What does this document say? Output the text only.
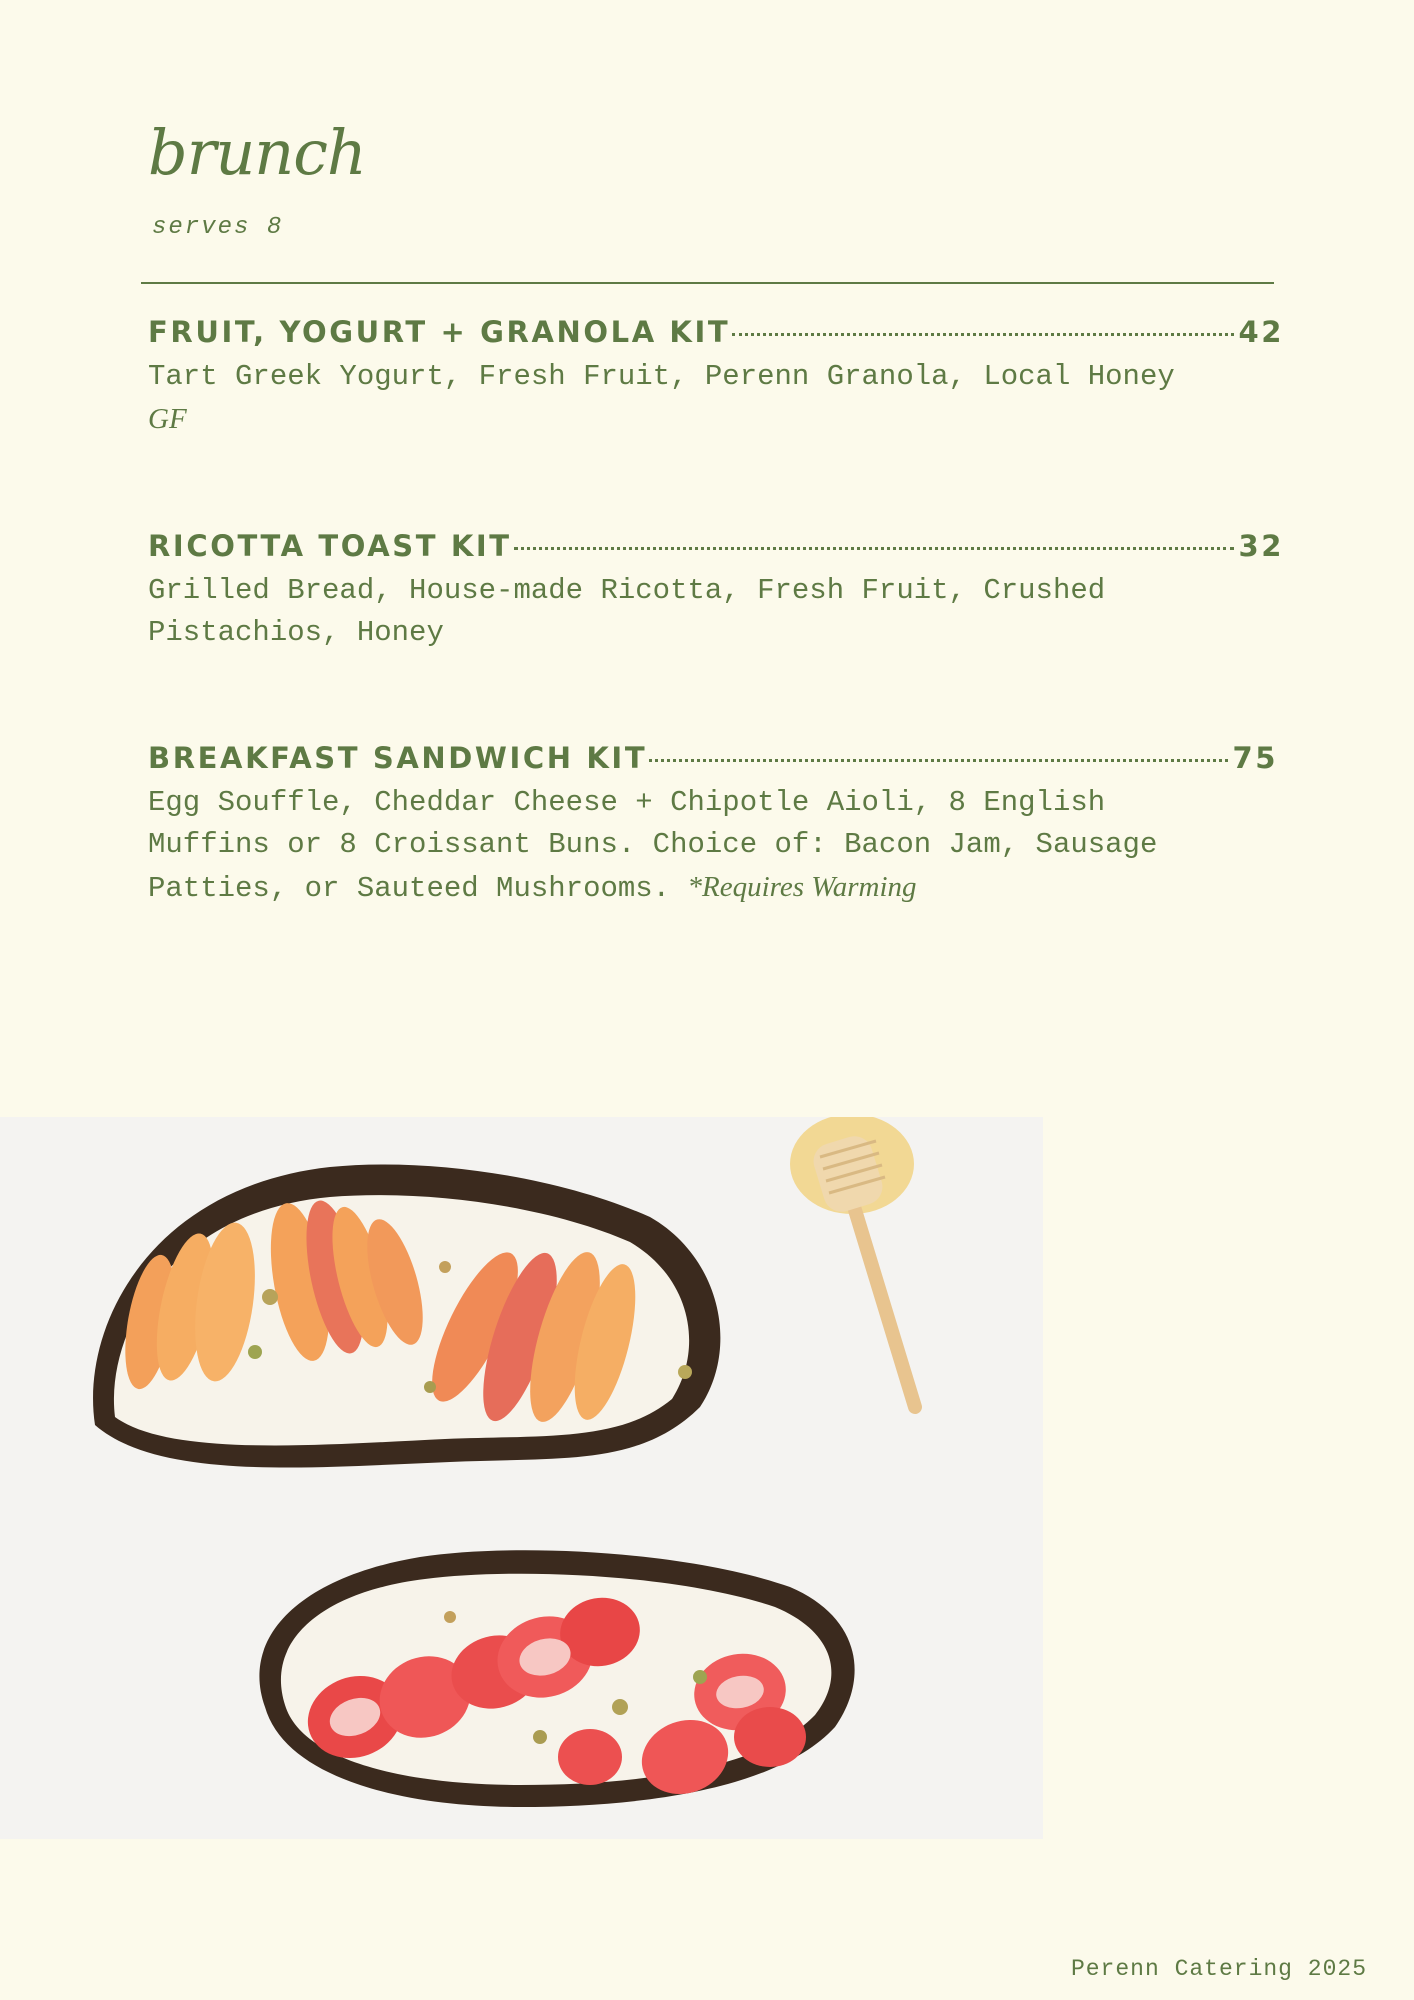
brunch
serves 8
FRUIT, YOGURT + GRANOLA KIT	42
Tart Greek Yogurt, Fresh Fruit, Perenn Granola, Local Honey
GF
RICOTTA TOAST KIT	32
Grilled Bread, House-made Ricotta, Fresh Fruit, Crushed Pistachios, Honey
BREAKFAST SANDWICH KIT	75
Egg Souffle, Cheddar Cheese + Chipotle Aioli, 8 English Muffins or 8 Croissant Buns. Choice of: Bacon Jam, Sausage Patties, or Sauteed Mushrooms. *Requires Warming
Perenn Catering 2025
